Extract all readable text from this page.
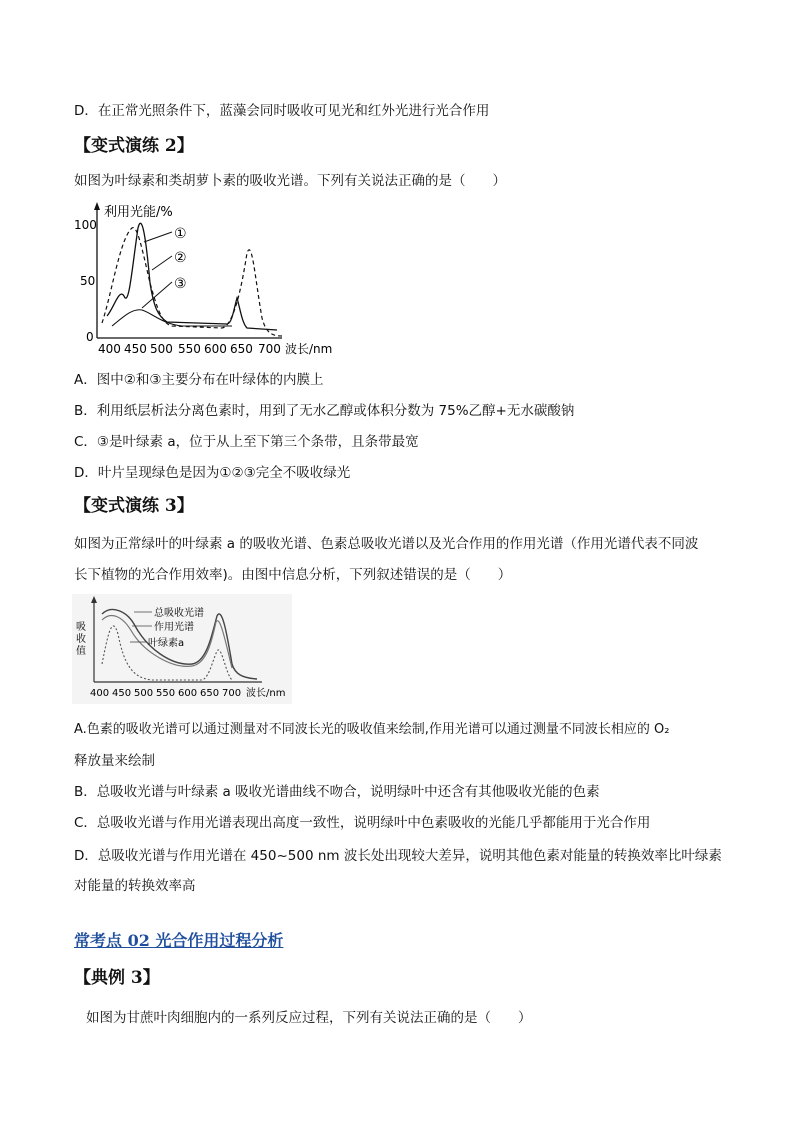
D．在正常光照条件下，蓝藻会同时吸收可见光和红外光进行光合作用
【变式演练 2】
如图为叶绿素和类胡萝卜素的吸收光谱。下列有关说法正确的是（　　）
利用光能/%
100
50
0
①
②
③
400 450 500 550 600 650 700 波长/nm
A．图中②和③主要分布在叶绿体的内膜上
B．利用纸层析法分离色素时，用到了无水乙醇或体积分数为 75%乙醇+无水碳酸钠
C．③是叶绿素 a，位于从上至下第三个条带，且条带最宽
D．叶片呈现绿色是因为①②③完全不吸收绿光
【变式演练 3】
如图为正常绿叶的叶绿素 a 的吸收光谱、色素总吸收光谱以及光合作用的作用光谱（作用光谱代表不同波
长下植物的光合作用效率)。由图中信息分析，下列叙述错误的是（　　）
吸
收
值
总吸收光谱
作用光谱
叶绿素a
400 450 500 550 600 650 700 波长/nm
A.色素的吸收光谱可以通过测量对不同波长光的吸收值来绘制,作用光谱可以通过测量不同波长相应的 O₂
释放量来绘制
B．总吸收光谱与叶绿素 a 吸收光谱曲线不吻合，说明绿叶中还含有其他吸收光能的色素
C．总吸收光谱与作用光谱表现出高度一致性，说明绿叶中色素吸收的光能几乎都能用于光合作用
D．总吸收光谱与作用光谱在 450~500 nm 波长处出现较大差异，说明其他色素对能量的转换效率比叶绿素
对能量的转换效率高
常考点 02 光合作用过程分析
【典例 3】
如图为甘蔗叶肉细胞内的一系列反应过程，下列有关说法正确的是（　　）
